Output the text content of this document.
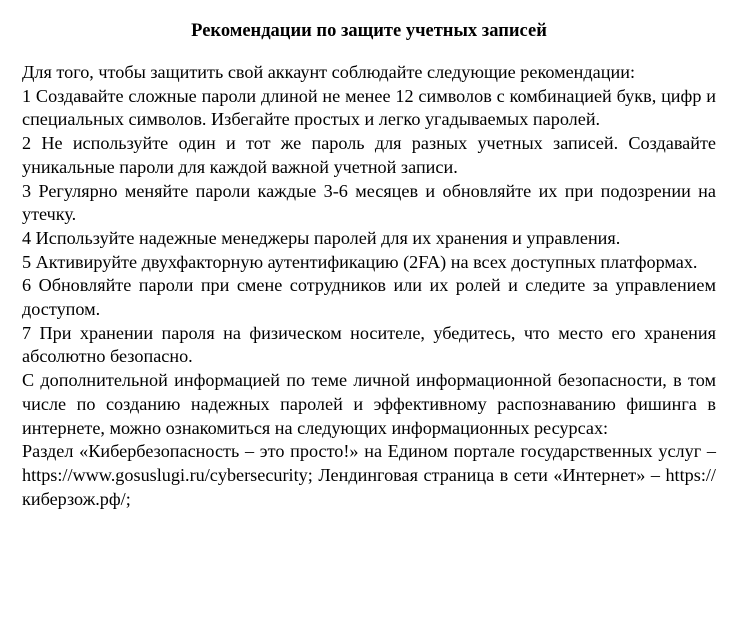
Рекомендации по защите учетных записей

Для того, чтобы защитить свой аккаунт соблюдайте следующие рекомендации:

1 Создавайте сложные пароли длиной не менее 12 символов с комбинацией букв, цифр и специальных символов. Избегайте простых и легко угадываемых паролей.

2 Не используйте один и тот же пароль для разных учетных записей. Создавайте уникальные пароли для каждой важной учетной записи.

3 Регулярно меняйте пароли каждые 3-6 месяцев и обновляйте их при подозрении на утечку.

4 Используйте надежные менеджеры паролей для их хранения и управления.

5 Активируйте двухфакторную аутентификацию (2FA) на всех доступных платформах.

6 Обновляйте пароли при смене сотрудников или их ролей и следите за управлением доступом.

7 При хранении пароля на физическом носителе, убедитесь, что место его хранения абсолютно безопасно.

С дополнительной информацией по теме личной информационной безопасности, в том числе по созданию надежных паролей и эффективному распознаванию фишинга в интернете, можно ознакомиться на следующих информационных ресурсах:

Раздел «Кибербезопасность – это просто!» на Едином портале государственных услуг – https://www.gosuslugi.ru/cybersecurity; Лендинговая страница в сети «Интернет» – https://киберзож.рф/;
